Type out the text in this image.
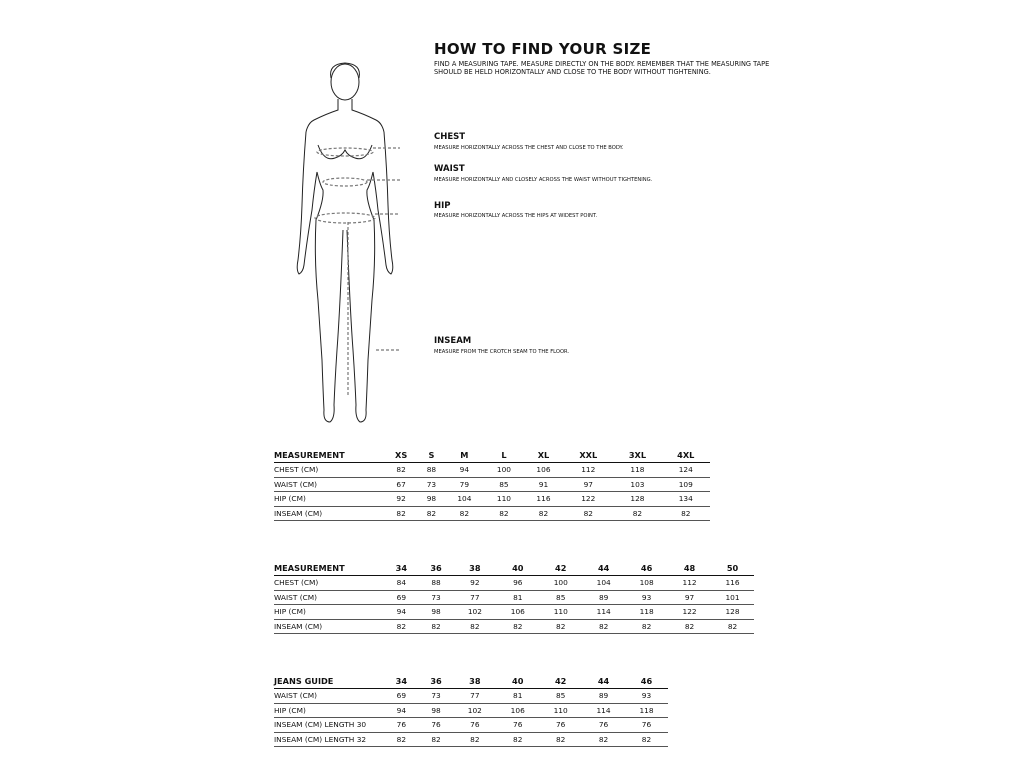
HOW TO FIND YOUR SIZE
FIND A MEASURING TAPE. MEASURE DIRECTLY ON THE BODY. REMEMBER THAT THE MEASURING TAPE SHOULD BE HELD HORIZONTALLY AND CLOSE TO THE BODY WITHOUT TIGHTENING.
CHEST
MEASURE HORIZONTALLY ACROSS THE CHEST AND CLOSE TO THE BODY.
WAIST
MEASURE HORIZONTALLY AND CLOSELY ACROSS THE WAIST WITHOUT TIGHTENING.
HIP
MEASURE HORIZONTALLY ACROSS THE HIPS AT WIDEST POINT.
INSEAM
MEASURE FROM THE CROTCH SEAM TO THE FLOOR.
MEASUREMENT	XS	S	M	L	XL	XXL	3XL	4XL
CHEST (CM)	82	88	94	100	106	112	118	124
WAIST (CM)	67	73	79	85	91	97	103	109
HIP (CM)	92	98	104	110	116	122	128	134
INSEAM (CM)	82	82	82	82	82	82	82	82
MEASUREMENT	34	36	38	40	42	44	46	48	50
CHEST (CM)	84	88	92	96	100	104	108	112	116
WAIST (CM)	69	73	77	81	85	89	93	97	101
HIP (CM)	94	98	102	106	110	114	118	122	128
INSEAM (CM)	82	82	82	82	82	82	82	82	82
JEANS GUIDE	34	36	38	40	42	44	46
WAIST (CM)	69	73	77	81	85	89	93
HIP (CM)	94	98	102	106	110	114	118
INSEAM (CM) LENGTH 30	76	76	76	76	76	76	76
INSEAM (CM) LENGTH 32	82	82	82	82	82	82	82
